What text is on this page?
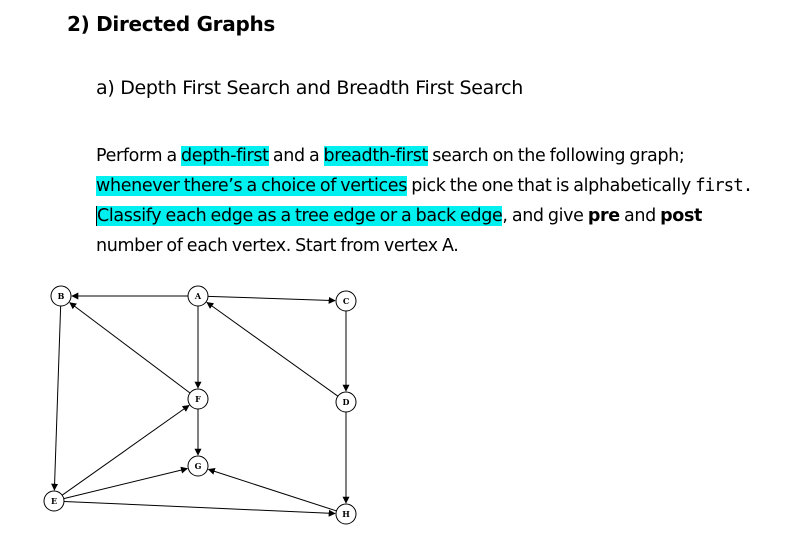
2) Directed Graphs
a) Depth First Search and Breadth First Search

Perform a depth-first and a breadth-first search on the following graph; whenever there’s a choice of vertices pick the one that is alphabetically first. Classify each edge as a tree edge or a back edge, and give pre and post number of each vertex. Start from vertex A.

A
B	C
D
E
F
G
H
